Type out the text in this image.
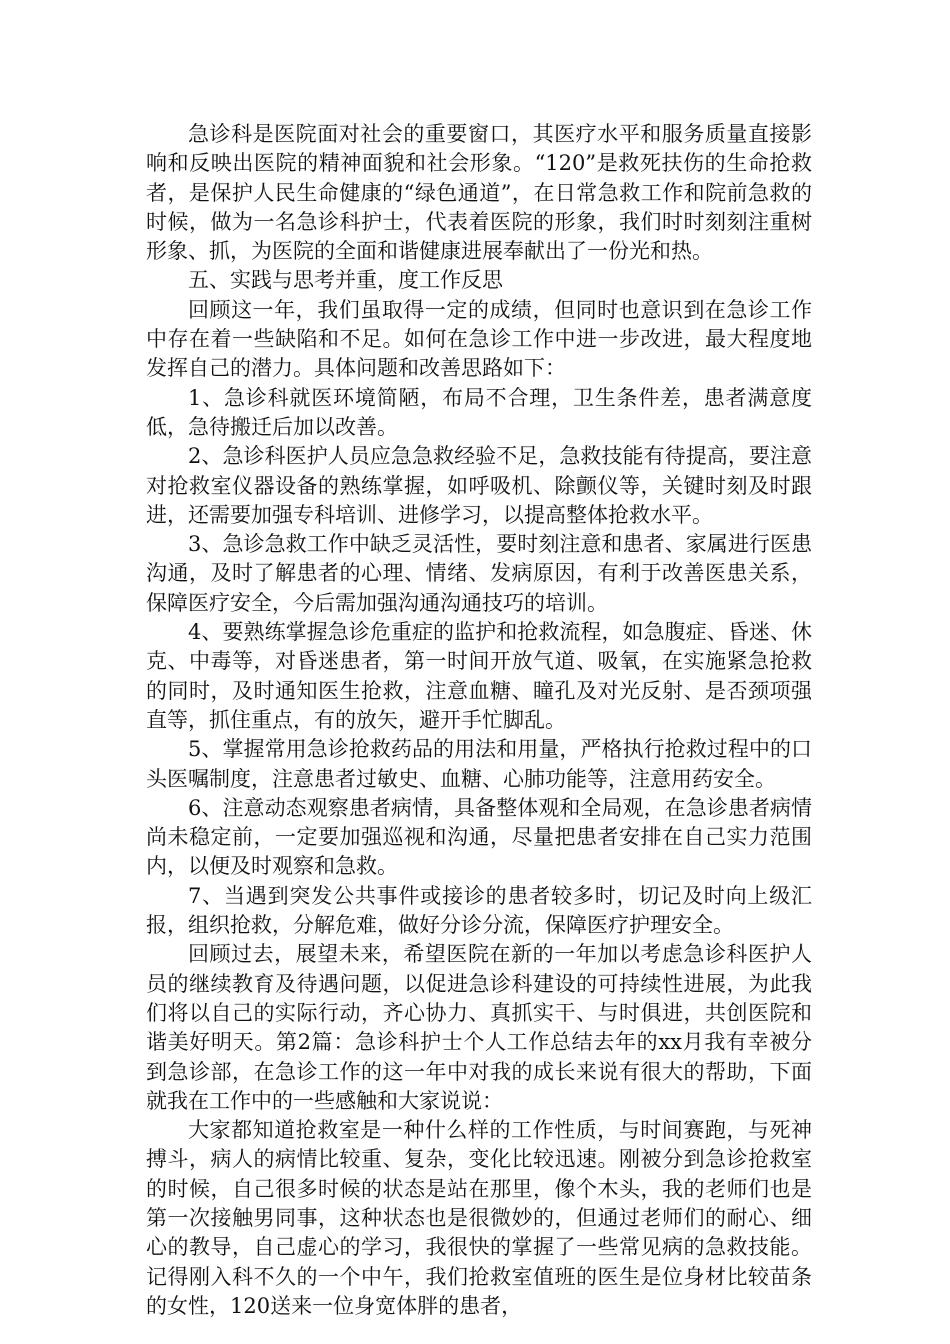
急诊科是医院面对社会的重要窗口，其医疗水平和服务质量直接影响和反映出医院的精神面貌和社会形象。“120”是救死扶伤的生命抢救者，是保护人民生命健康的“绿色通道”，在日常急救工作和院前急救的时候，做为一名急诊科护士，代表着医院的形象，我们时时刻刻注重树形象、抓，为医院的全面和谐健康进展奉献出了一份光和热。

五、实践与思考并重，度工作反思

回顾这一年，我们虽取得一定的成绩，但同时也意识到在急诊工作中存在着一些缺陷和不足。如何在急诊工作中进一步改进，最大程度地发挥自己的潜力。具体问题和改善思路如下：

1、急诊科就医环境简陋，布局不合理，卫生条件差，患者满意度低，急待搬迁后加以改善。

2、急诊科医护人员应急急救经验不足，急救技能有待提高，要注意对抢救室仪器设备的熟练掌握，如呼吸机、除颤仪等，关键时刻及时跟进，还需要加强专科培训、进修学习，以提高整体抢救水平。

3、急诊急救工作中缺乏灵活性，要时刻注意和患者、家属进行医患沟通，及时了解患者的心理、情绪、发病原因，有利于改善医患关系，保障医疗安全，今后需加强沟通沟通技巧的培训。

4、要熟练掌握急诊危重症的监护和抢救流程，如急腹症、昏迷、休克、中毒等，对昏迷患者，第一时间开放气道、吸氧，在实施紧急抢救的同时，及时通知医生抢救，注意血糖、瞳孔及对光反射、是否颈项强直等，抓住重点，有的放矢，避开手忙脚乱。

5、掌握常用急诊抢救药品的用法和用量，严格执行抢救过程中的口头医嘱制度，注意患者过敏史、血糖、心肺功能等，注意用药安全。

6、注意动态观察患者病情，具备整体观和全局观，在急诊患者病情尚未稳定前，一定要加强巡视和沟通，尽量把患者安排在自己实力范围内，以便及时观察和急救。

7、当遇到突发公共事件或接诊的患者较多时，切记及时向上级汇报，组织抢救，分解危难，做好分诊分流，保障医疗护理安全。

回顾过去，展望未来，希望医院在新的一年加以考虑急诊科医护人员的继续教育及待遇问题，以促进急诊科建设的可持续性进展，为此我们将以自己的实际行动，齐心协力、真抓实干、与时俱进，共创医院和谐美好明天。第2篇：急诊科护士个人工作总结去年的xx月我有幸被分到急诊部，在急诊工作的这一年中对我的成长来说有很大的帮助，下面就我在工作中的一些感触和大家说说：

大家都知道抢救室是一种什么样的工作性质，与时间赛跑，与死神搏斗，病人的病情比较重、复杂，变化比较迅速。刚被分到急诊抢救室的时候，自己很多时候的状态是站在那里，像个木头，我的老师们也是第一次接触男同事，这种状态也是很微妙的，但通过老师们的耐心、细心的教导，自己虚心的学习，我很快的掌握了一些常见病的急救技能。记得刚入科不久的一个中午，我们抢救室值班的医生是位身材比较苗条的女性，120送来一位身宽体胖的患者，
